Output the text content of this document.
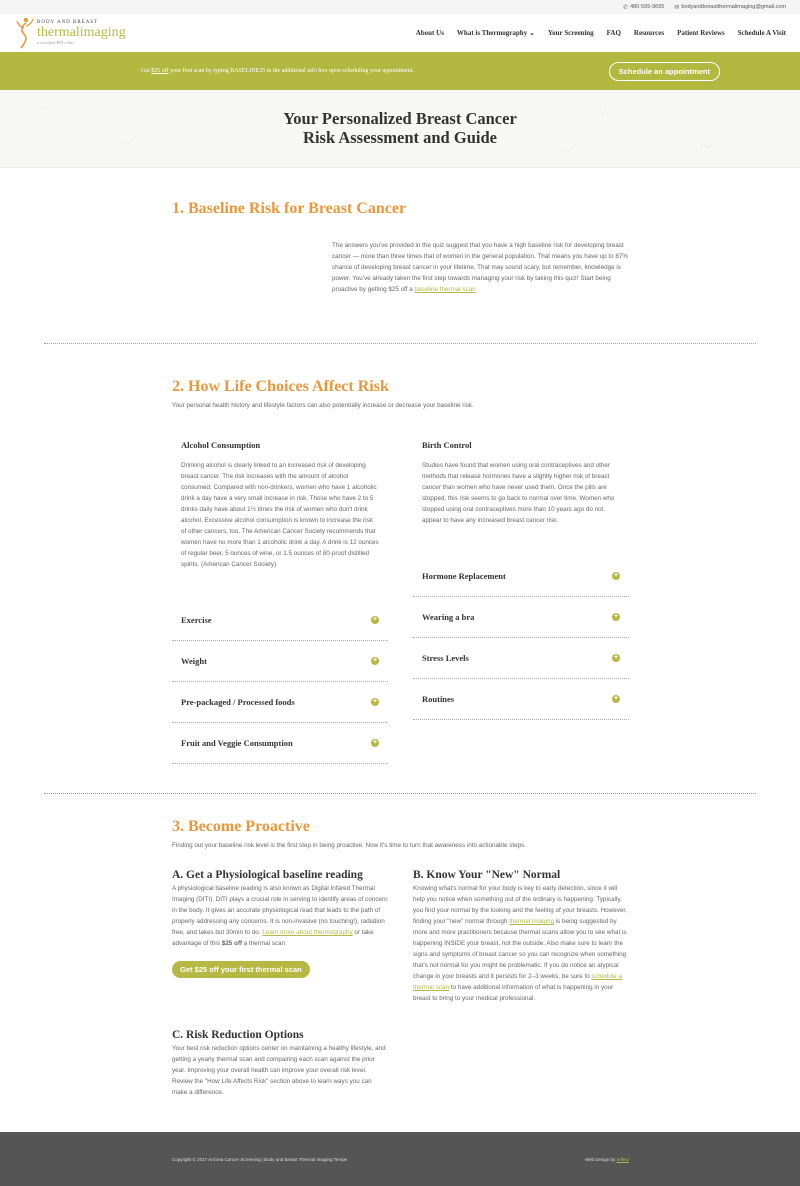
✆ 480-595-9695 ✉ bodyandbreastthermalimaging@gmail.com
BODY AND BREAST
thermalimaging
a certified BTI clinic
About Us What is Thermography ⌄ Your Screening FAQ Resources Patient Reviews Schedule A Visit
Get $25 off your first scan by typing BASELINE25 in the additional info box upon scheduling your appointment.	Schedule an appointment
〰
〰
〰
〰
〰
Your Personalized Breast Cancer
Risk Assessment and Guide
1. Baseline Risk for Breast Cancer

The answers you've provided in the quiz suggest that you have a high baseline risk for developing breast cancer — more than three times that of women in the general population. That means you have up to 87% chance of developing breast cancer in your lifetime. That may sound scary, but remember, knowledge is power. You've already taken the first step towards managing your risk by taking this quiz! Start being proactive by getting $25 off a baseline thermal scan

2. How Life Choices Affect Risk

Your personal health history and lifestyle factors can also potentially increase or decrease your baseline risk.

Alcohol Consumption

Drinking alcohol is clearly linked to an increased risk of developing breast cancer. The risk increases with the amount of alcohol consumed. Compared with non-drinkers, women who have 1 alcoholic drink a day have a very small increase in risk. Those who have 2 to 5 drinks daily have about 1½ times the risk of women who don't drink alcohol. Excessive alcohol consumption is known to increase the risk of other cancers, too. The American Cancer Society recommends that women have no more than 1 alcoholic drink a day. A drink is 12 ounces of regular beer, 5 ounces of wine, or 1.5 ounces of 80-proof distilled spirits. (American Cancer Society)

Birth Control

Studies have found that women using oral contraceptives and other methods that release hormones have a slightly higher risk of breast cancer than women who have never used them. Once the pills are stopped, this risk seems to go back to normal over time. Women who stopped using oral contraceptives more than 10 years ago do not appear to have any increased breast cancer risk.

Exercise	+
Weight	+
Pre-packaged / Processed foods	+
Fruit and Veggie Consumption	+
Hormone Replacement	+
Wearing a bra	+
Stress Levels	+
Routines	+
3. Become Proactive

Finding out your baseline risk level is the first step in being proactive. Now it's time to turn that awareness into actionable steps.

A. Get a Physiological baseline reading

A physiological baseline reading is also known as Digital Infared Thermal Imaging (DITI). DITI plays a crucial role in serving to identify areas of concern in the body. It gives an accurate physiological read that leads to the path of properly addressing any concerns. It is non-invasive (no touching!), radiation free, and takes but 30min to do. Learn more about thermography or take advantage of this $25 off a thermal scan

Get $25 off your first thermal scan
B. Know Your "New" Normal

Knowing what's normal for your body is key to early detection, since it will help you notice when something out of the ordinary is happening. Typically, you find your normal by the looking and the feeling of your breasts. However, finding your "new" normal through thermal imaging is being suggested by more and more practitioners because thermal scans allow you to see what is happening INSIDE your breast, not the outside. Also make sure to learn the signs and symptoms of breast cancer so you can recognize when something that's not normal for you might be problematic. If you do notice an atypical change in your breasts and it persists for 2–3 weeks, be sure to schedule a thermal scan to have additional information of what is happening in your breast to bring to your medical professional.

C. Risk Reduction Options

Your best risk reduction options center on maintaining a healthy lifestyle, and getting a yearly thermal scan and compairing each scan against the prior year. Improving your overall health can improve your overall risk level. Review the "How Life Affects Risk" section above to learn ways you can make a difference.

Copyright © 2017 Arizona Cancer Screening | Body and Breast Thermal Imaging Tempe	Web Design by reffect
